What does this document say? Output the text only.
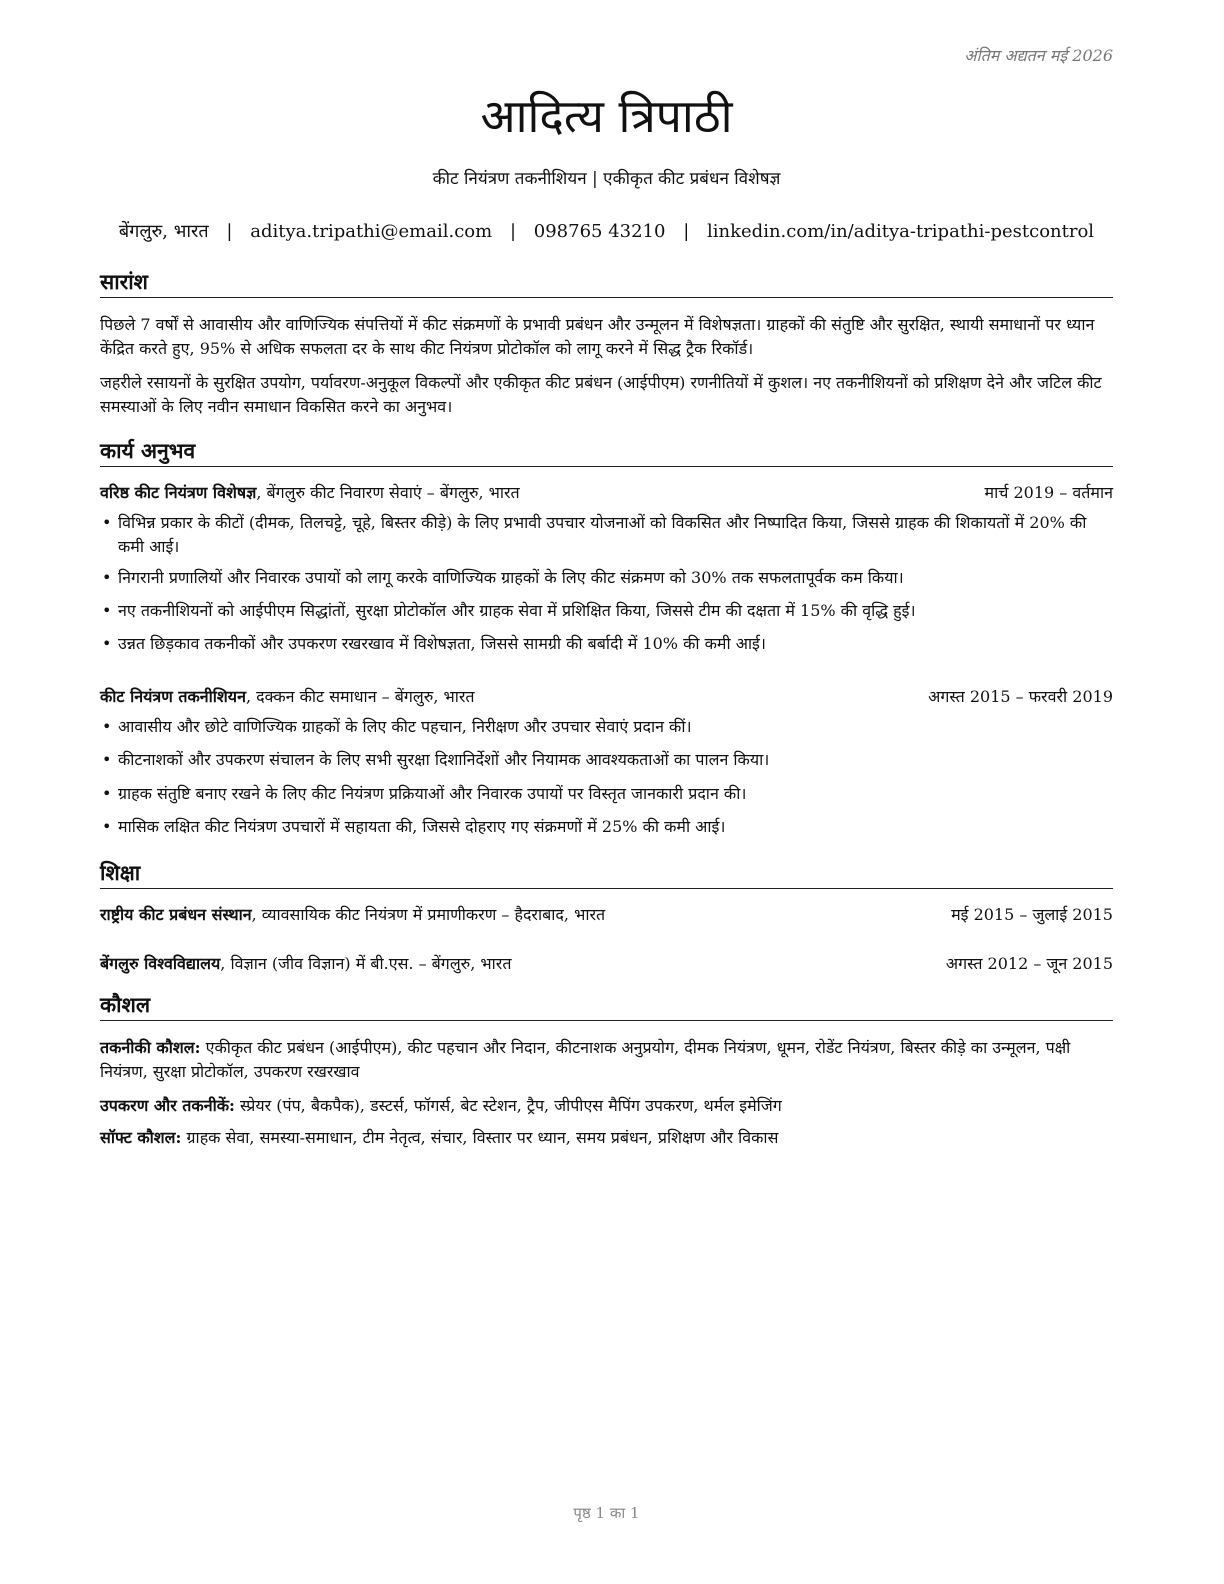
अंतिम अद्यतन मई 2026
आदित्य त्रिपाठी
कीट नियंत्रण तकनीशियन | एकीकृत कीट प्रबंधन विशेषज्ञ
बेंगलुरु, भारत | aditya.tripathi@email.com | 098765 43210 | linkedin.com/in/aditya-tripathi-pestcontrol
सारांश
पिछले 7 वर्षों से आवासीय और वाणिज्यिक संपत्तियों में कीट संक्रमणों के प्रभावी प्रबंधन और उन्मूलन में विशेषज्ञता। ग्राहकों की संतुष्टि और सुरक्षित, स्थायी समाधानों पर ध्यान केंद्रित करते हुए, 95% से अधिक सफलता दर के साथ कीट नियंत्रण प्रोटोकॉल को लागू करने में सिद्ध ट्रैक रिकॉर्ड।
जहरीले रसायनों के सुरक्षित उपयोग, पर्यावरण-अनुकूल विकल्पों और एकीकृत कीट प्रबंधन (आईपीएम) रणनीतियों में कुशल। नए तकनीशियनों को प्रशिक्षण देने और जटिल कीट समस्याओं के लिए नवीन समाधान विकसित करने का अनुभव।
कार्य अनुभव
वरिष्ठ कीट नियंत्रण विशेषज्ञ, बेंगलुरु कीट निवारण सेवाएं – बेंगलुरु, भारत	मार्च 2019 – वर्तमान
• विभिन्न प्रकार के कीटों (दीमक, तिलचट्टे, चूहे, बिस्तर कीड़े) के लिए प्रभावी उपचार योजनाओं को विकसित और निष्पादित किया, जिससे ग्राहक की शिकायतों में 20% की कमी आई।
• निगरानी प्रणालियों और निवारक उपायों को लागू करके वाणिज्यिक ग्राहकों के लिए कीट संक्रमण को 30% तक सफलतापूर्वक कम किया।
• नए तकनीशियनों को आईपीएम सिद्धांतों, सुरक्षा प्रोटोकॉल और ग्राहक सेवा में प्रशिक्षित किया, जिससे टीम की दक्षता में 15% की वृद्धि हुई।
• उन्नत छिड़काव तकनीकों और उपकरण रखरखाव में विशेषज्ञता, जिससे सामग्री की बर्बादी में 10% की कमी आई।
कीट नियंत्रण तकनीशियन, दक्कन कीट समाधान – बेंगलुरु, भारत	अगस्त 2015 – फरवरी 2019
• आवासीय और छोटे वाणिज्यिक ग्राहकों के लिए कीट पहचान, निरीक्षण और उपचार सेवाएं प्रदान कीं।
• कीटनाशकों और उपकरण संचालन के लिए सभी सुरक्षा दिशानिर्देशों और नियामक आवश्यकताओं का पालन किया।
• ग्राहक संतुष्टि बनाए रखने के लिए कीट नियंत्रण प्रक्रियाओं और निवारक उपायों पर विस्तृत जानकारी प्रदान की।
• मासिक लक्षित कीट नियंत्रण उपचारों में सहायता की, जिससे दोहराए गए संक्रमणों में 25% की कमी आई।
शिक्षा
राष्ट्रीय कीट प्रबंधन संस्थान, व्यावसायिक कीट नियंत्रण में प्रमाणीकरण – हैदराबाद, भारत	मई 2015 – जुलाई 2015
बेंगलुरु विश्वविद्यालय, विज्ञान (जीव विज्ञान) में बी.एस. – बेंगलुरु, भारत	अगस्त 2012 – जून 2015
कौशल
तकनीकी कौशल: एकीकृत कीट प्रबंधन (आईपीएम), कीट पहचान और निदान, कीटनाशक अनुप्रयोग, दीमक नियंत्रण, धूमन, रोडेंट नियंत्रण, बिस्तर कीड़े का उन्मूलन, पक्षी नियंत्रण, सुरक्षा प्रोटोकॉल, उपकरण रखरखाव
उपकरण और तकनीकें: स्प्रेयर (पंप, बैकपैक), डस्टर्स, फॉगर्स, बेट स्टेशन, ट्रैप, जीपीएस मैपिंग उपकरण, थर्मल इमेजिंग
सॉफ्ट कौशल: ग्राहक सेवा, समस्या-समाधान, टीम नेतृत्व, संचार, विस्तार पर ध्यान, समय प्रबंधन, प्रशिक्षण और विकास
पृष्ठ 1 का 1
